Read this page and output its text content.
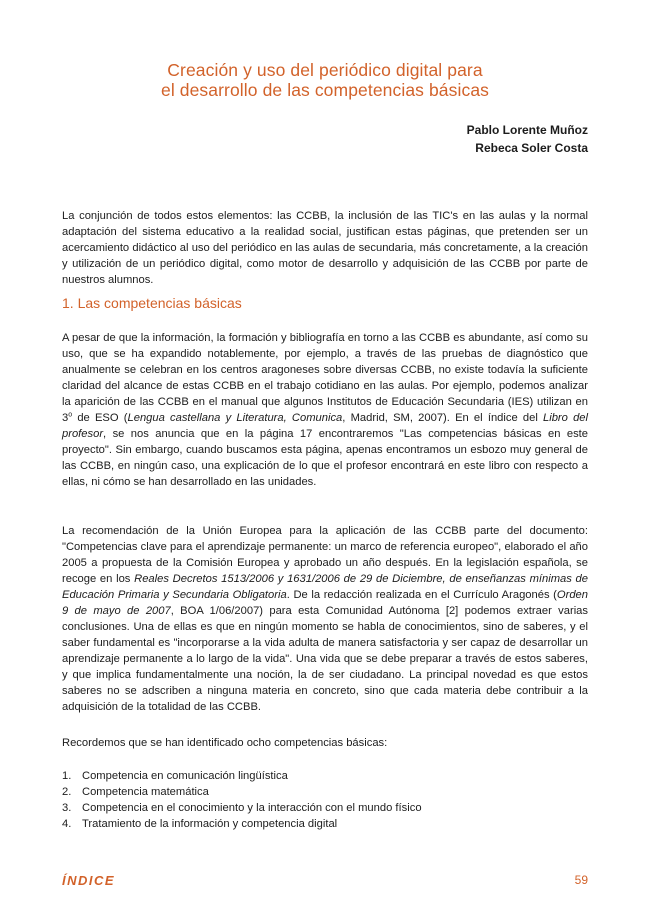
Creación y uso del periódico digital para
el desarrollo de las competencias básicas
Pablo Lorente Muñoz
Rebeca Soler Costa

La conjunción de todos estos elementos: las CCBB, la inclusión de las TIC's en las aulas y la normal adaptación del sistema educativo a la realidad social, justifican estas páginas, que pretenden ser un acercamiento didáctico al uso del periódico en las aulas de secundaria, más concretamente, a la creación y utilización de un periódico digital, como motor de desarrollo y adquisición de las CCBB por parte de nuestros alumnos.

1. Las competencias básicas

A pesar de que la información, la formación y bibliografía en torno a las CCBB es abundante, así como su uso, que se ha expandido notablemente, por ejemplo, a través de las pruebas de diagnóstico que anualmente se celebran en los centros aragoneses sobre diversas CCBB, no existe todavía la suficiente claridad del alcance de estas CCBB en el trabajo cotidiano en las aulas. Por ejemplo, podemos analizar la aparición de las CCBB en el manual que algunos Institutos de Educación Secundaria (IES) utilizan en 3$^o$ de ESO (Lengua castellana y Literatura, Comunica, Madrid, SM, 2007). En el índice del Libro del profesor, se nos anuncia que en la página 17 encontraremos "Las competencias básicas en este proyecto". Sin embargo, cuando buscamos esta página, apenas encontramos un esbozo muy general de las CCBB, en ningún caso, una explicación de lo que el profesor encontrará en este libro con respecto a ellas, ni cómo se han desarrollado en las unidades.

La recomendación de la Unión Europea para la aplicación de las CCBB parte del documento: "Competencias clave para el aprendizaje permanente: un marco de referencia europeo", elaborado el año 2005 a propuesta de la Comisión Europea y aprobado un año después. En la legislación española, se recoge en los Reales Decretos 1513/2006 y 1631/2006 de 29 de Diciembre, de enseñanzas mínimas de Educación Primaria y Secundaria Obligatoria. De la redacción realizada en el Currículo Aragonés (Orden 9 de mayo de 2007, BOA 1/06/2007) para esta Comunidad Autónoma [2] podemos extraer varias conclusiones. Una de ellas es que en ningún momento se habla de conocimientos, sino de saberes, y el saber fundamental es "incorporarse a la vida adulta de manera satisfactoria y ser capaz de desarrollar un aprendizaje permanente a lo largo de la vida". Una vida que se debe preparar a través de estos saberes, y que implica fundamentalmente una noción, la de ser ciudadano. La principal novedad es que estos saberes no se adscriben a ninguna materia en concreto, sino que cada materia debe contribuir a la adquisición de la totalidad de las CCBB.

Recordemos que se han identificado ocho competencias básicas:

1. Competencia en comunicación lingüística
2. Competencia matemática
3. Competencia en el conocimiento y la interacción con el mundo físico
4. Tratamiento de la información y competencia digital
ÍNDICE	59
